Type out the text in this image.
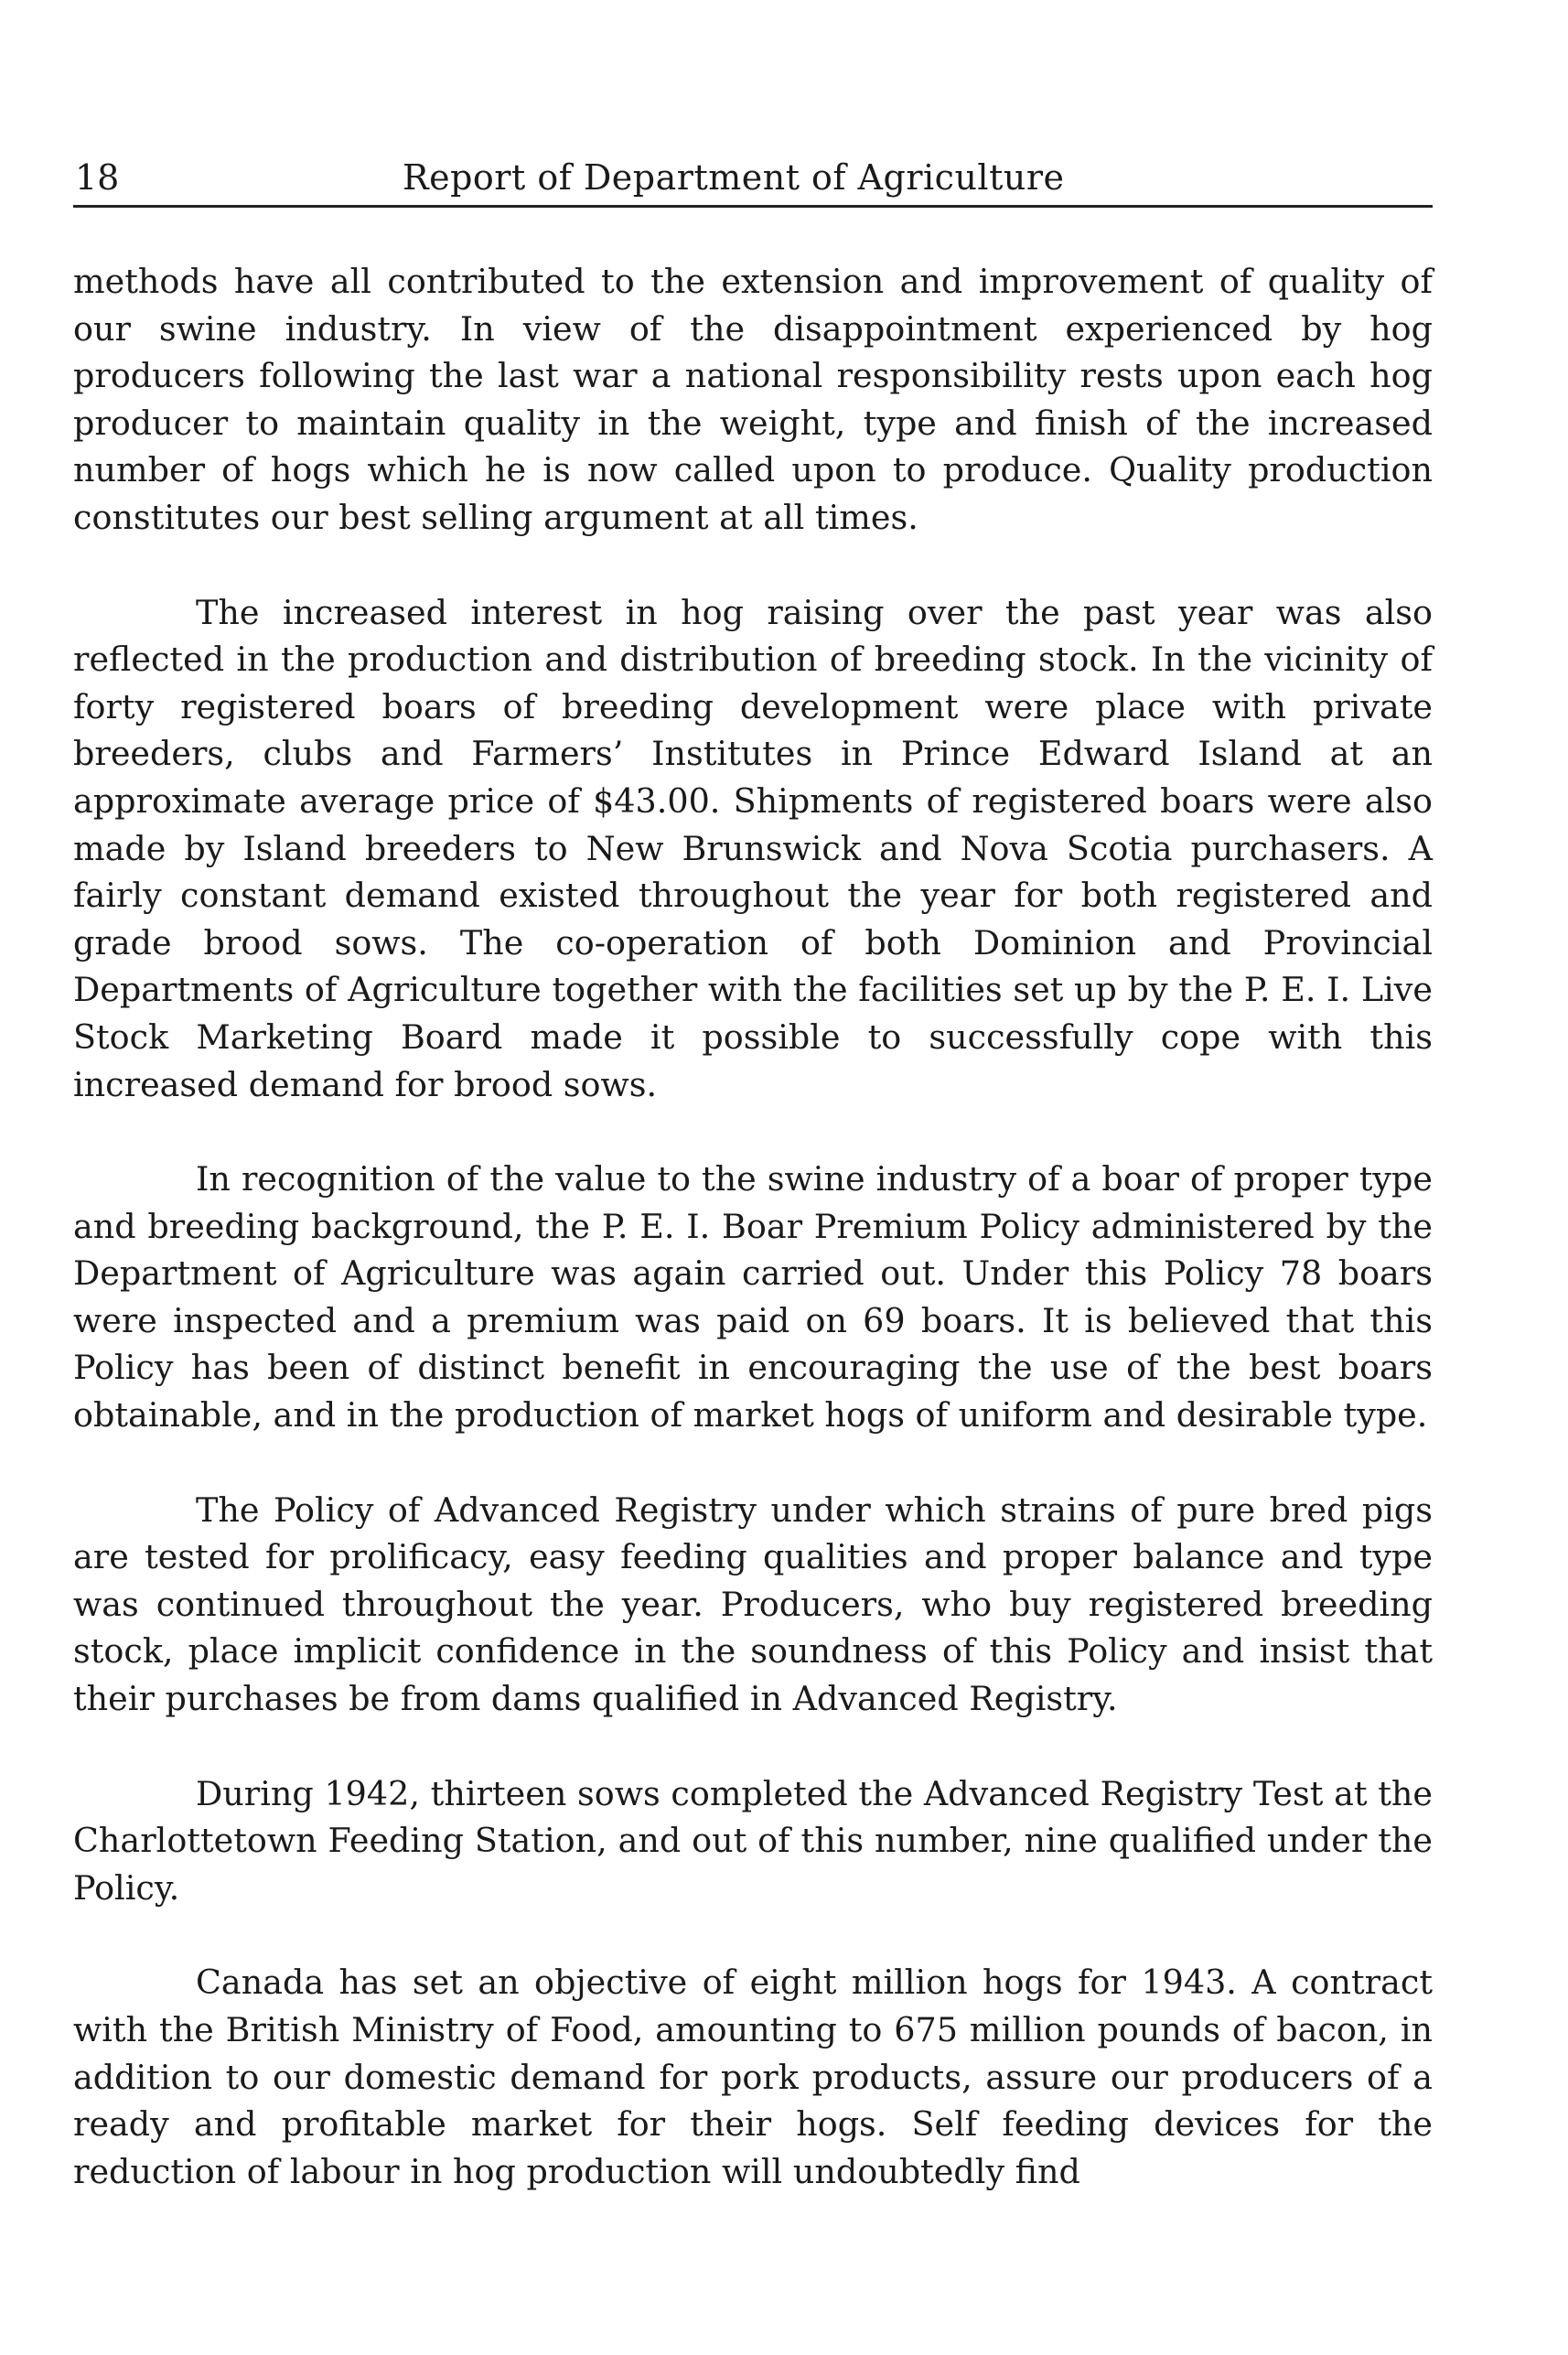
18	Report of Department of Agriculture

methods have all contributed to the extension and improvement of quality of our swine industry. In view of the disappointment experienced by hog producers following the last war a national responsibility rests upon each hog producer to maintain quality in the weight, type and finish of the increased number of hogs which he is now called upon to produce. Quality production constitutes our best selling argument at all times.

The increased interest in hog raising over the past year was also reflected in the production and distribution of breeding stock. In the vicinity of forty registered boars of breeding development were place with private breeders, clubs and Farmers’ Institutes in Prince Edward Island at an approximate average price of $43.00. Shipments of registered boars were also made by Island breeders to New Brunswick and Nova Scotia purchasers. A fairly constant demand existed throughout the year for both registered and grade brood sows. The co-operation of both Dominion and Provincial Departments of Agriculture together with the facilities set up by the P. E. I. Live Stock Marketing Board made it possible to successfully cope with this increased demand for brood sows.

In recognition of the value to the swine industry of a boar of proper type and breeding background, the P. E. I. Boar Premium Policy administered by the Department of Agriculture was again carried out. Under this Policy 78 boars were inspected and a premium was paid on 69 boars. It is believed that this Policy has been of distinct benefit in encouraging the use of the best boars obtainable, and in the production of market hogs of uniform and desirable type.

The Policy of Advanced Registry under which strains of pure bred pigs are tested for prolificacy, easy feeding qualities and proper balance and type was continued throughout the year. Producers, who buy registered breeding stock, place implicit confidence in the soundness of this Policy and insist that their purchases be from dams qualified in Advanced Registry.

During 1942, thirteen sows completed the Advanced Registry Test at the Charlottetown Feeding Station, and out of this number, nine qualified under the Policy.

Canada has set an objective of eight million hogs for 1943. A contract with the British Ministry of Food, amounting to 675 million pounds of bacon, in addition to our domestic demand for pork products, assure our producers of a ready and profitable market for their hogs. Self feeding devices for the reduction of labour in hog production will undoubtedly find
